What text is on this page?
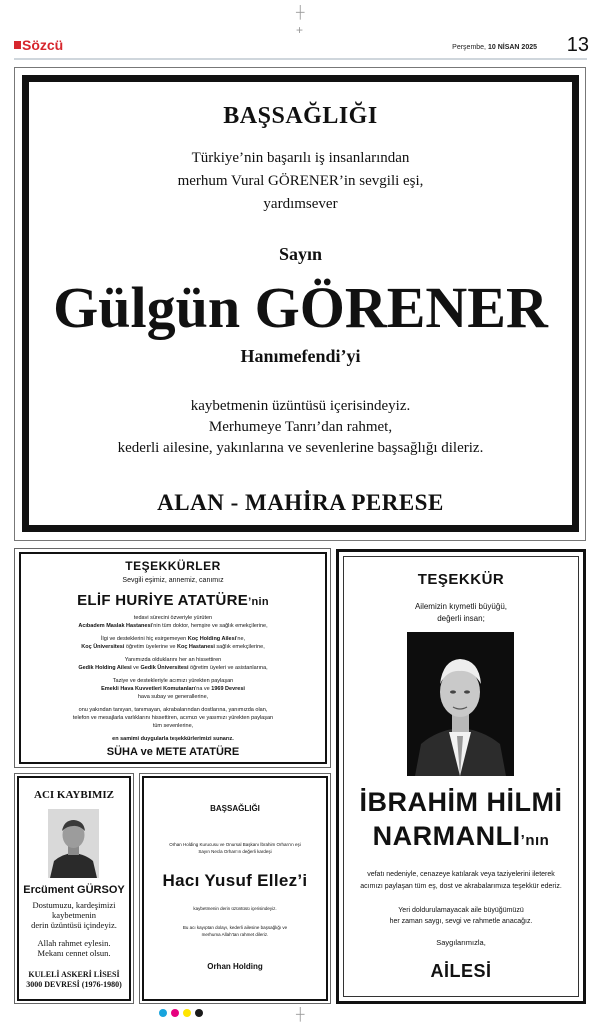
┼
+
Sözcü	Perşembe, 10 NİSAN 2025 13
BAŞSAĞLIĞI
Türkiye’nin başarılı iş insanlarından
merhum Vural GÖRENER’in sevgili eşi,
yardımsever
Sayın
Gülgün GÖRENER
Hanımefendi’yi
kaybetmenin üzüntüsü içerisindeyiz.
Merhumeye Tanrı’dan rahmet,
kederli ailesine, yakınlarına ve sevenlerine başsağlığı dileriz.
ALAN - MAHİRA PERESE
TEŞEKKÜRLER
Sevgili eşimiz, annemiz, canımız
ELİF HURİYE ATATÜRE’nin
tedavi sürecini özveriyle yürüten
Acıbadem Maslak Hastanesi’nin tüm doktor, hemşire ve sağlık emekçilerine,
İlgi ve desteklerini hiç esirgemeyen Koç Holding Ailesi’ne,
Koç Üniversitesi öğretim üyelerine ve Koç Hastanesi sağlık emekçilerine,
Yanımızda olduklarını her an hissettiren
Gedik Holding Ailesi ve Gedik Üniversitesi öğretim üyeleri ve asistanlarına,
Taziye ve destekleriyle acımızı yürekten paylaşan
Emekli Hava Kuvvetleri Komutanları'na ve 1969 Devresi
hava subay ve generallerine,
onu yakından tanıyan, tanımayan, akrabalarından dostlarına, yanımızda olan,
telefon ve mesajlarla varlıklarını hissettiren, acımızı ve yasımızı yürekten paylaşan
tüm sevenlerine,
en samimi duygularla teşekkürlerimizi sunarız.
SÜHA ve METE ATATÜRE
TEŞEKKÜR
Ailemizin kıymetli büyüğü,
değerli insan;
İBRAHİM HİLMİ
NARMANLI’nın
vefatı nedeniyle, cenazeye katılarak veya taziyelerini ileterek
acımızı paylaşan tüm eş, dost ve akrabalarımıza teşekkür ederiz.
Yeri doldurulamayacak aile büyüğümüzü
her zaman saygı, sevgi ve rahmetle anacağız.
Saygılarımızla,
AİLESİ
ACI KAYBIMIZ
Ercüment GÜRSOY
Dostumuzu, kardeşimizi
kaybetmenin
derin üzüntüsü içindeyiz.
Allah rahmet eylesin.
Mekanı cennet olsun.
KULELİ ASKERİ LİSESİ
3000 DEVRESİ (1976-1980)
BAŞSAĞLIĞI
Orhan Holding Kurucusu ve Onursal Başkanı İbrahim Orhan’ın eşi
Sayın Necla Orhan’ın değerli kardeşi
Hacı Yusuf Ellez’i
kaybetmenin derin üzüntüsü içerisindeyiz.
Bu acı kayıptan dolayı, kederli ailesine başsağlığı ve
merhuma Allah’tan rahmet dileriz.
Orhan Holding
┼
